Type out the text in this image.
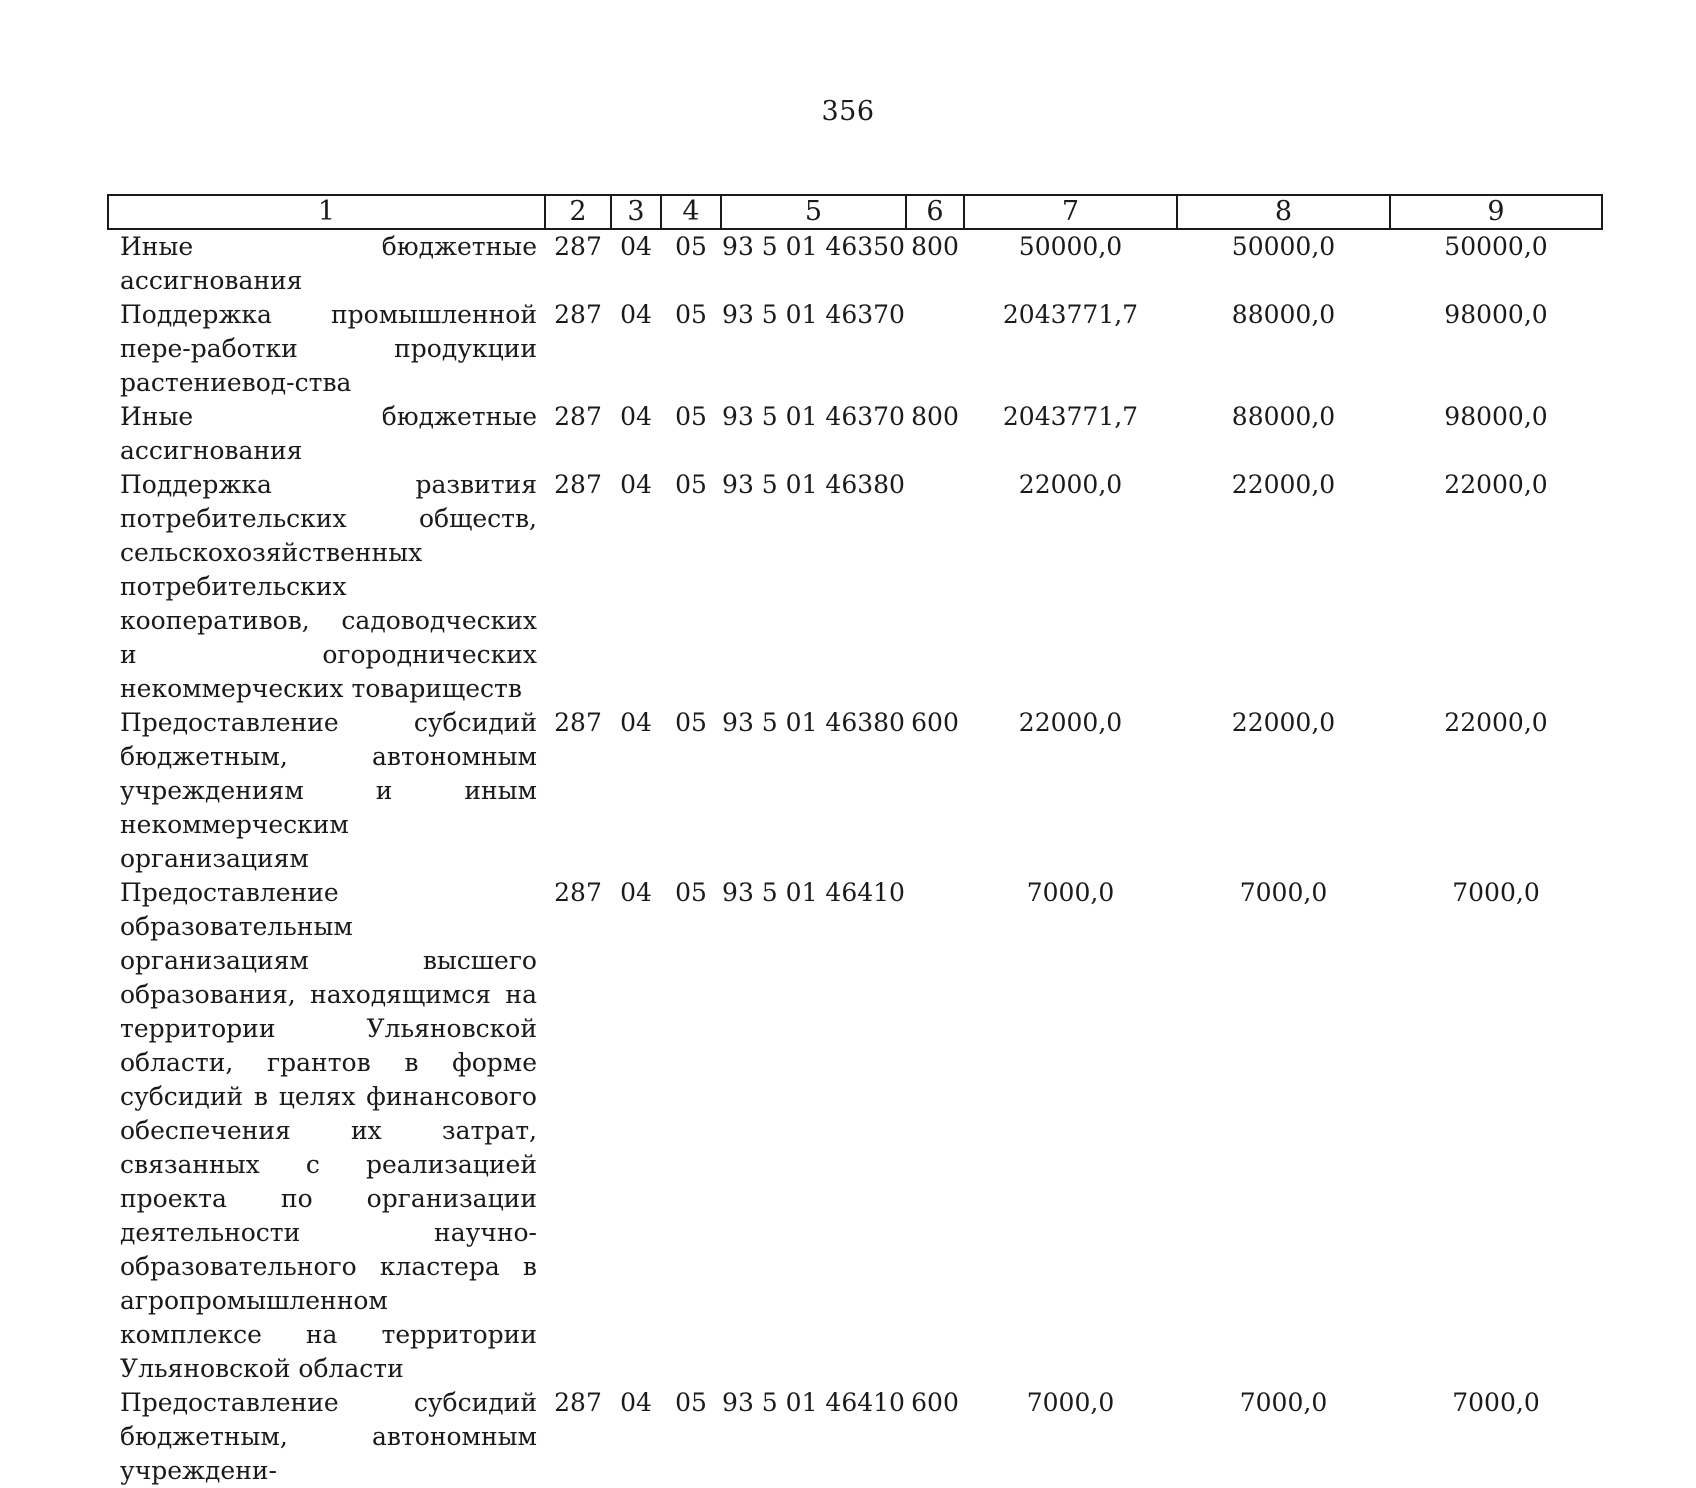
356
1	2	3	4	5	6	7	8	9
Иные бюджетные ассигнования	287	04	05	93 5 01 46350	800	50000,0	50000,0	50000,0
Поддержка промышленной пере-работки продукции растениевод-ства	287	04	05	93 5 01 46370		2043771,7	88000,0	98000,0
Иные бюджетные ассигнования	287	04	05	93 5 01 46370	800	2043771,7	88000,0	98000,0
Поддержка развития потребительских обществ, сельскохозяйственных потребительских кооперативов, садоводческих и огороднических некоммерческих товариществ	287	04	05	93 5 01 46380		22000,0	22000,0	22000,0
Предоставление субсидий бюджетным, автономным учреждениям и иным некоммерческим организациям	287	04	05	93 5 01 46380	600	22000,0	22000,0	22000,0
Предоставление образовательным организациям высшего образования, находящимся на территории Ульяновской области, грантов в форме субсидий в целях финансового обеспечения их затрат, связанных с реализацией проекта по организации деятельности научно-образовательного кластера в агропромышленном комплексе на территории Ульяновской области	287	04	05	93 5 01 46410		7000,0	7000,0	7000,0
Предоставление субсидий бюджетным, автономным учреждени-	287	04	05	93 5 01 46410	600	7000,0	7000,0	7000,0
